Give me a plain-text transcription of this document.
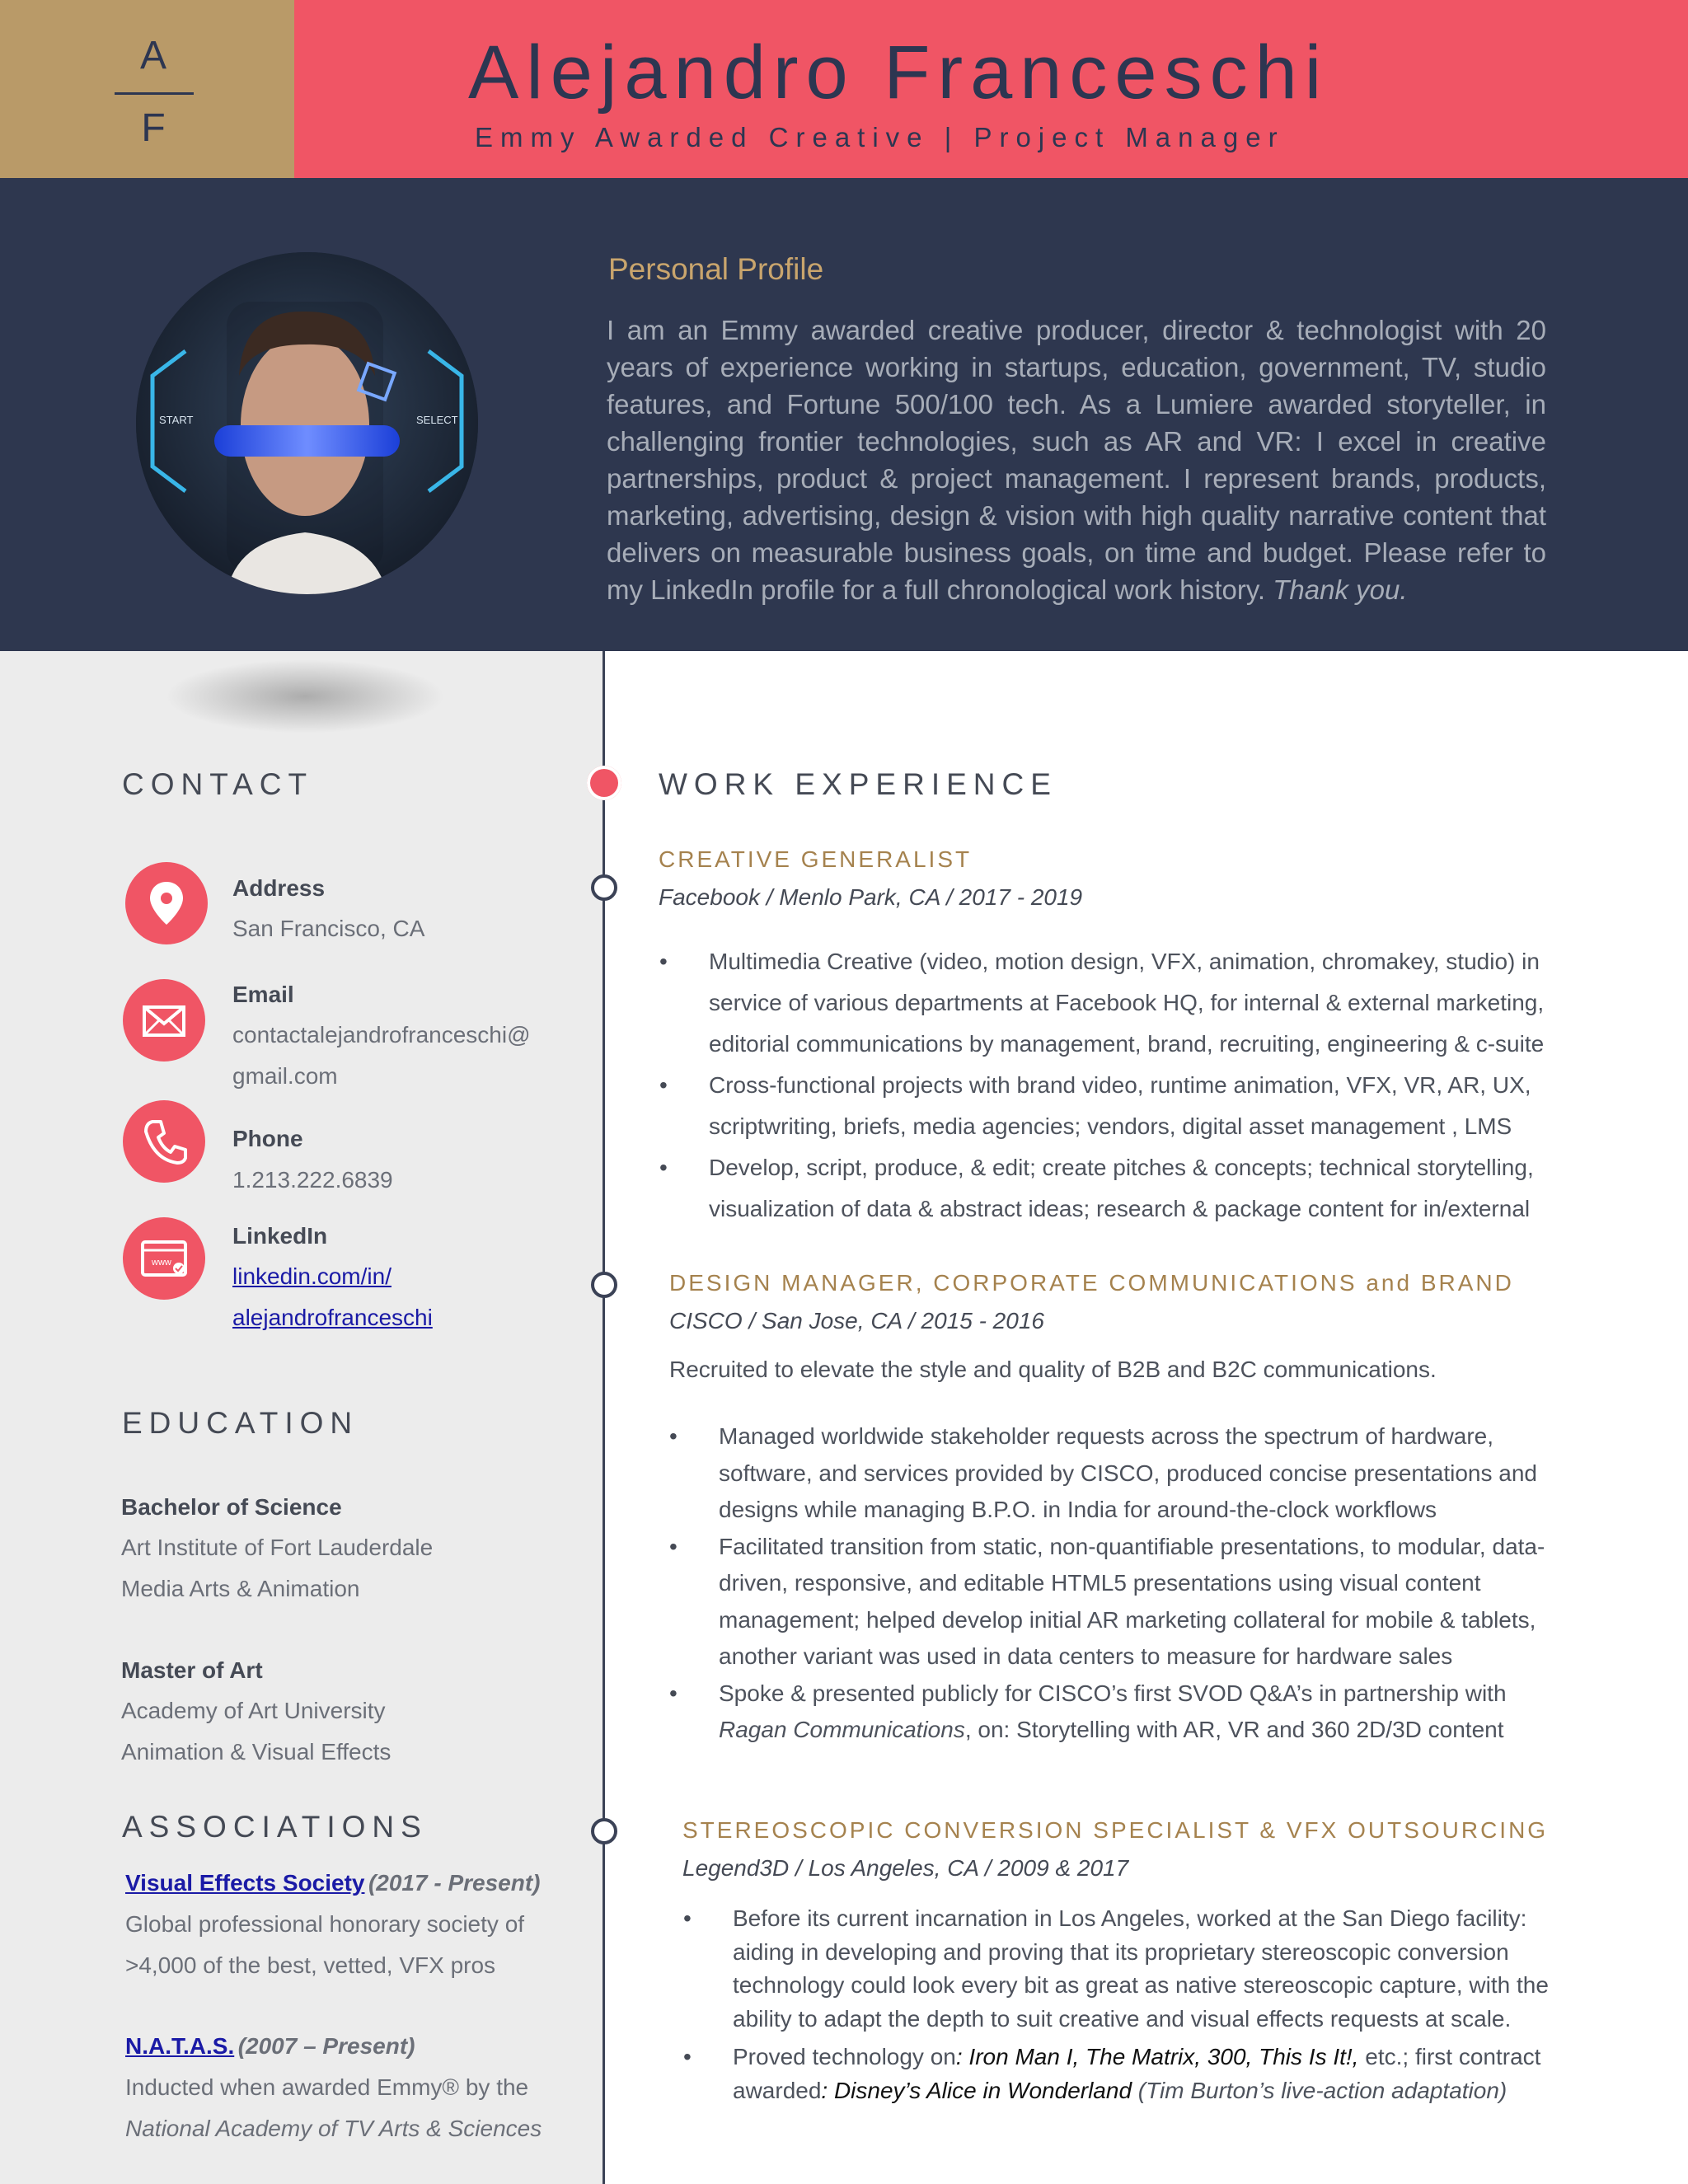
A
F
Alejandro Franceschi
Emmy Awarded Creative | Project Manager
START	SELECT
Personal Profile
I am an Emmy awarded creative producer, director & technologist with 20 years of experience working in startups, education, government, TV, studio features, and Fortune 500/100 tech. As a Lumiere awarded storyteller, in challenging frontier technologies, such as AR and VR: I excel in creative partnerships, product & project management. I represent brands, products, marketing, advertising, design & vision with high quality narrative content that delivers on measurable business goals, on time and budget. Please refer to my LinkedIn profile for a full chronological work history. Thank you.
CONTACT
Address
San Francisco, CA
Email
contactalejandrofranceschi@
gmail.com
Phone
1.213.222.6839
www
LinkedIn
linkedin.com/in/
alejandrofranceschi
EDUCATION
Bachelor of Science
Art Institute of Fort Lauderdale
Media Arts & Animation
Master of Art
Academy of Art University
Animation & Visual Effects
ASSOCIATIONS
Visual Effects Society (2017 - Present)
Global professional honorary society of
>4,000 of the best, vetted, VFX pros
N.A.T.A.S. (2007 – Present)
Inducted when awarded Emmy® by the
National Academy of TV Arts & Sciences
WORK EXPERIENCE
CREATIVE GENERALIST
Facebook / Menlo Park, CA / 2017 - 2019
• Multimedia Creative (video, motion design, VFX, animation, chromakey, studio) in
service of various departments at Facebook HQ, for internal & external marketing,
editorial communications by management, brand, recruiting, engineering & c-suite
• Cross-functional projects with brand video, runtime animation, VFX, VR, AR, UX,
scriptwriting, briefs, media agencies; vendors, digital asset management , LMS
• Develop, script, produce, & edit; create pitches & concepts; technical storytelling,
visualization of data & abstract ideas; research & package content for in/external
DESIGN MANAGER, CORPORATE COMMUNICATIONS and BRAND
CISCO / San Jose, CA / 2015 - 2016
Recruited to elevate the style and quality of B2B and B2C communications.
• Managed worldwide stakeholder requests across the spectrum of hardware,
software, and services provided by CISCO, produced concise presentations and
designs while managing B.P.O. in India for around-the-clock workflows
• Facilitated transition from static, non-quantifiable presentations, to modular, data-
driven, responsive, and editable HTML5 presentations using visual content
management; helped develop initial AR marketing collateral for mobile & tablets,
another variant was used in data centers to measure for hardware sales
• Spoke & presented publicly for CISCO’s first SVOD Q&A’s in partnership with
Ragan Communications, on: Storytelling with AR, VR and 360 2D/3D content
STEREOSCOPIC CONVERSION SPECIALIST & VFX OUTSOURCING
Legend3D / Los Angeles, CA / 2009 & 2017
• Before its current incarnation in Los Angeles, worked at the San Diego facility:
aiding in developing and proving that its proprietary stereoscopic conversion
technology could look every bit as great as native stereoscopic capture, with the
ability to adapt the depth to suit creative and visual effects requests at scale.
• Proved technology on: Iron Man I, The Matrix, 300, This Is It!, etc.; first contract
awarded: Disney’s Alice in Wonderland (Tim Burton’s live-action adaptation)
